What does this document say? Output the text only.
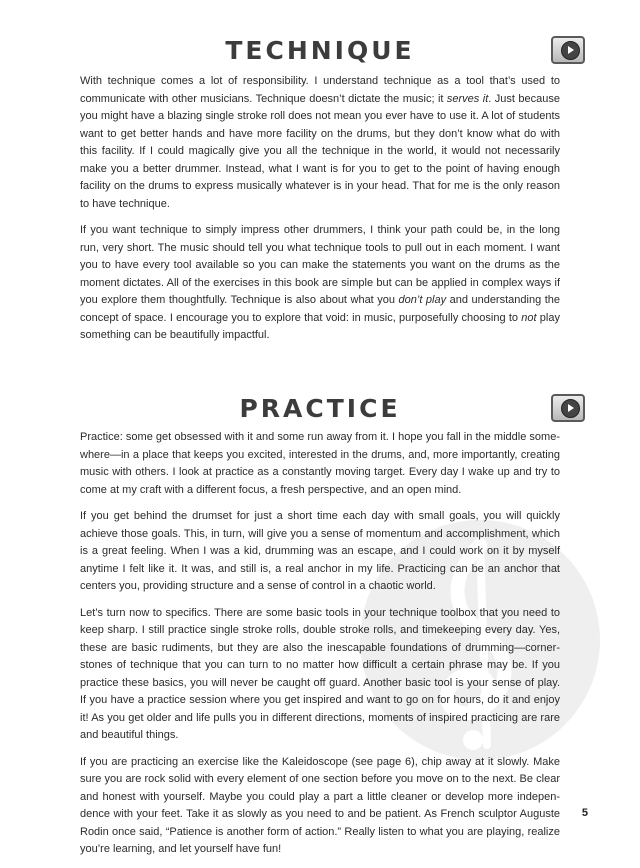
TECHNIQUE

With technique comes a lot of responsibility. I understand technique as a tool that’s used to communicate with other musicians. Technique doesn’t dictate the music; it serves it. Just because you might have a blazing single stroke roll does not mean you ever have to use it. A lot of students want to get better hands and have more facility on the drums, but they don’t know what do with this facility. If I could magically give you all the technique in the world, it would not necessarily make you a better drummer. Instead, what I want is for you to get to the point of having enough facility on the drums to express musically whatever is in your head. That for me is the only reason to have technique.

If you want technique to simply impress other drummers, I think your path could be, in the long run, very short. The music should tell you what technique tools to pull out in each moment. I want you to have every tool available so you can make the statements you want on the drums as the moment dictates. All of the exercises in this book are simple but can be applied in complex ways if you explore them thoughtfully. Technique is also about what you don’t play and understanding the concept of space. I encourage you to explore that void: in music, purposefully choosing to not play something can be beautifully impactful.

PRACTICE

Practice: some get obsessed with it and some run away from it. I hope you fall in the middle some-where—in a place that keeps you excited, interested in the drums, and, more importantly, creating music with others. I look at practice as a constantly moving target. Every day I wake up and try to come at my craft with a different focus, a fresh perspective, and an open mind.

If you get behind the drumset for just a short time each day with small goals, you will quickly achieve those goals. This, in turn, will give you a sense of momentum and accomplishment, which is a great feeling. When I was a kid, drumming was an escape, and I could work on it by myself anytime I felt like it. It was, and still is, a real anchor in my life. Practicing can be an anchor that centers you, providing structure and a sense of control in a chaotic world.

Let’s turn now to specifics. There are some basic tools in your technique toolbox that you need to keep sharp. I still practice single stroke rolls, double stroke rolls, and timekeeping every day. Yes, these are basic rudiments, but they are also the inescapable foundations of drumming—corner-stones of technique that you can turn to no matter how difficult a certain phrase may be. If you practice these basics, you will never be caught off guard. Another basic tool is your sense of play. If you have a practice session where you get inspired and want to go on for hours, do it and enjoy it! As you get older and life pulls you in different directions, moments of inspired practicing are rare and beautiful things.

If you are practicing an exercise like the Kaleidoscope (see page 6), chip away at it slowly. Make sure you are rock solid with every element of one section before you move on to the next. Be clear and honest with yourself. Maybe you could play a part a little cleaner or develop more indepen-dence with your feet. Take it as slowly as you need to and be patient. As French sculptor Auguste Rodin once said, “Patience is another form of action.” Really listen to what you are playing, realize you’re learning, and let yourself have fun!

5
